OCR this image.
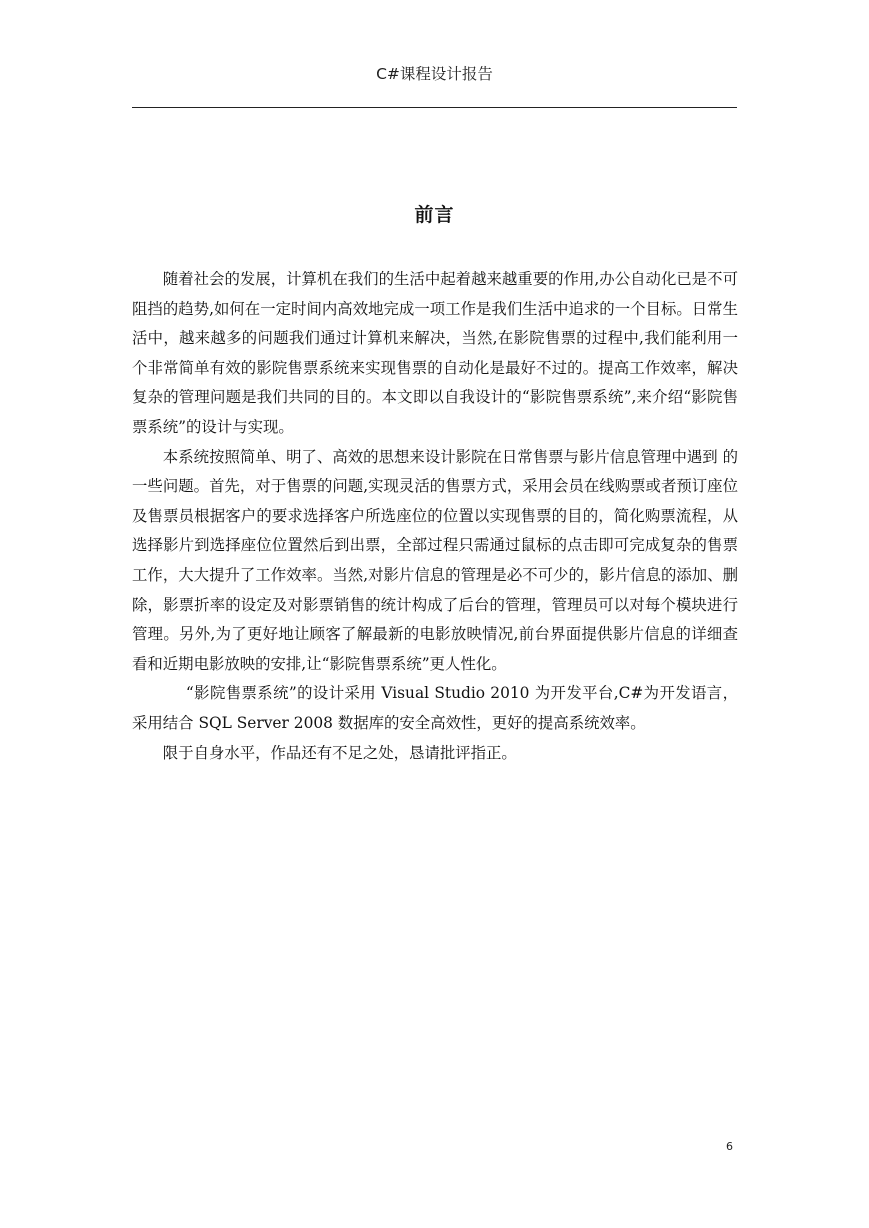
C#课程设计报告
前言

随着社会的发展，计算机在我们的生活中起着越来越重要的作用,办公自动化已是不可阻挡的趋势,如何在一定时间内高效地完成一项工作是我们生活中追求的一个目标。日常生活中，越来越多的问题我们通过计算机来解决，当然,在影院售票的过程中,我们能利用一个非常简单有效的影院售票系统来实现售票的自动化是最好不过的。提高工作效率，解决复杂的管理问题是我们共同的目的。本文即以自我设计的“影院售票系统”,来介绍“影院售票系统”的设计与实现。

本系统按照简单、明了、高效的思想来设计影院在日常售票与影片信息管理中遇到 的一些问题。首先，对于售票的问题,实现灵活的售票方式，采用会员在线购票或者预订座位及售票员根据客户的要求选择客户所选座位的位置以实现售票的目的，简化购票流程，从选择影片到选择座位位置然后到出票，全部过程只需通过鼠标的点击即可完成复杂的售票工作，大大提升了工作效率。当然,对影片信息的管理是必不可少的，影片信息的添加、删除，影票折率的设定及对影票销售的统计构成了后台的管理，管理员可以对每个模块进行管理。另外,为了更好地让顾客了解最新的电影放映情况,前台界面提供影片信息的详细查看和近期电影放映的安排,让“影院售票系统”更人性化。

“影院售票系统”的设计采用 Visual Studio 2010 为开发平台,C#为开发语言，采用结合 SQL Server 2008 数据库的安全高效性，更好的提高系统效率。

限于自身水平，作品还有不足之处，恳请批评指正。

6
